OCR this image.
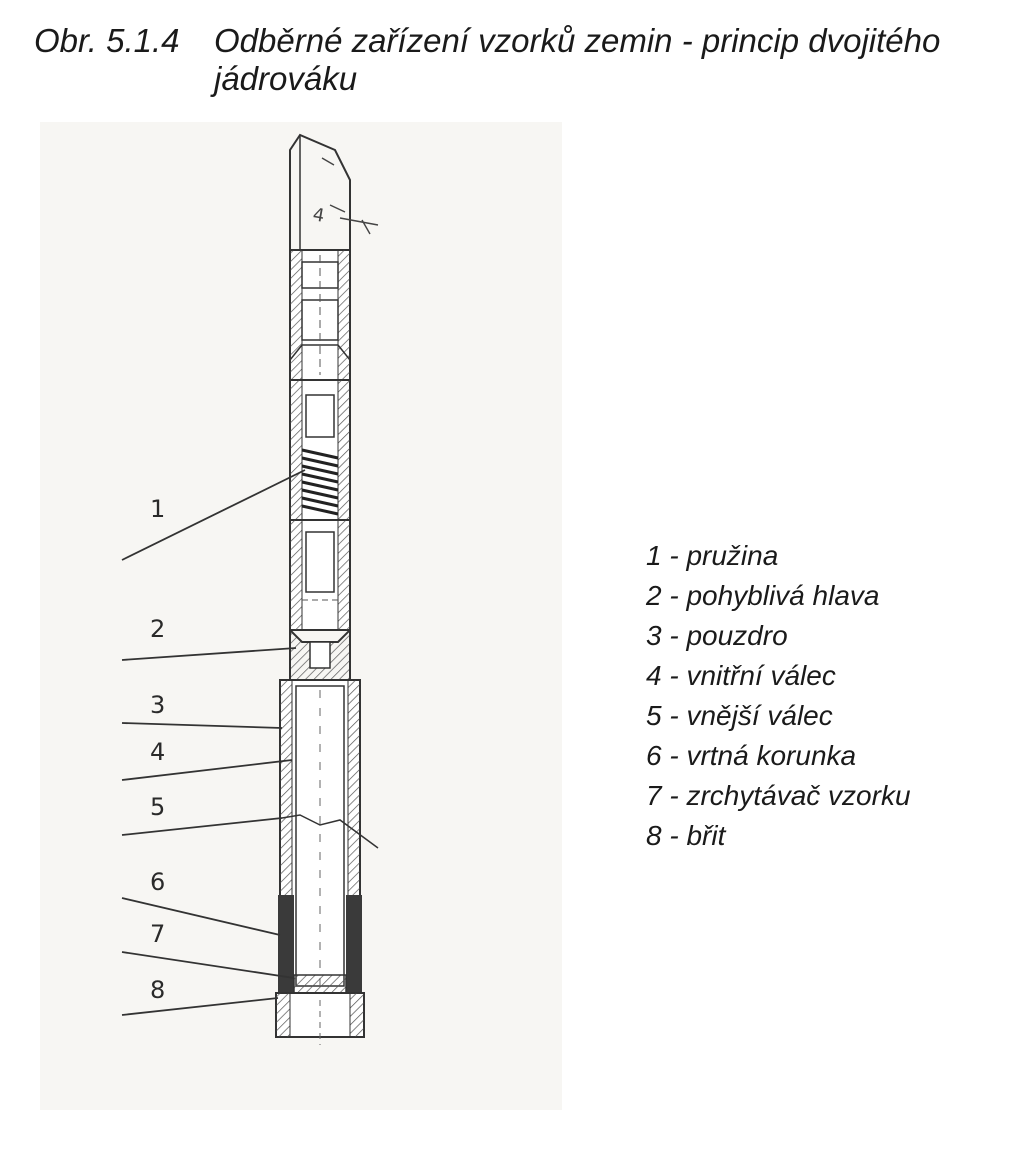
Obr. 5.1.4 Odběrné zařízení vzorků zemin - princip dvojitého jádrováku
4
1
2
3
4
5
6
7
8
1 - pružina
2 - pohyblivá hlava
3 - pouzdro
4 - vnitřní válec
5 - vnější válec
6 - vrtná korunka
7 - zrchytávač vzorku
8 - břit
